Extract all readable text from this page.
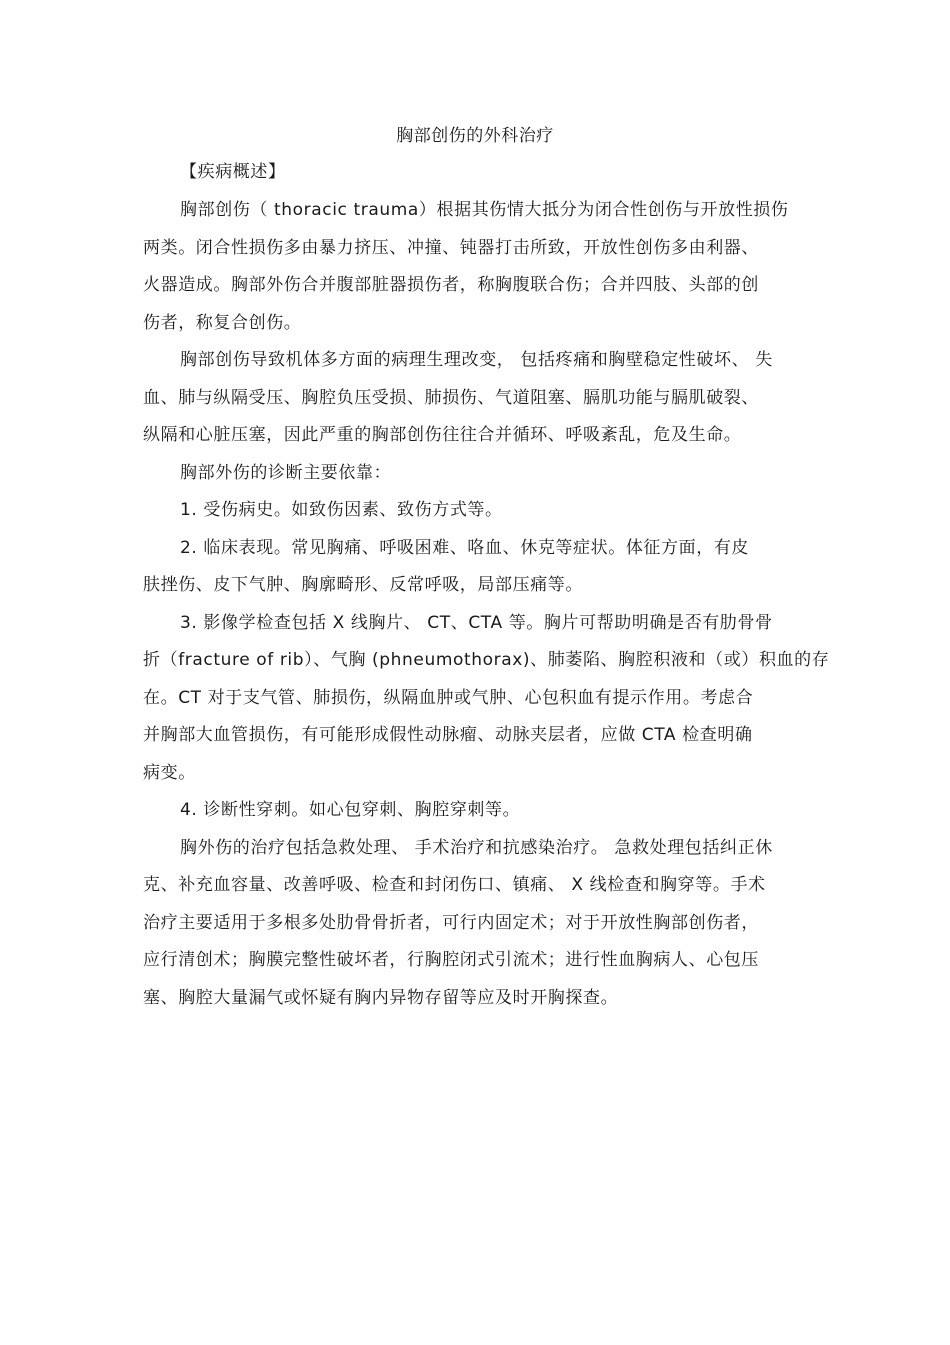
胸部创伤的外科治疗
【疾病概述】
胸部创伤（ thoracic trauma）根据其伤情大抵分为闭合性创伤与开放性损伤
两类。闭合性损伤多由暴力挤压、冲撞、钝器打击所致，开放性创伤多由利器、
火器造成。胸部外伤合并腹部脏器损伤者，称胸腹联合伤；合并四肢、头部的创
伤者，称复合创伤。
胸部创伤导致机体多方面的病理生理改变， 包括疼痛和胸壁稳定性破坏、 失
血、肺与纵隔受压、胸腔负压受损、肺损伤、气道阻塞、膈肌功能与膈肌破裂、
纵隔和心脏压塞，因此严重的胸部创伤往往合并循环、呼吸紊乱，危及生命。
胸部外伤的诊断主要依靠：
1. 受伤病史。如致伤因素、致伤方式等。
2. 临床表现。常见胸痛、呼吸困难、咯血、休克等症状。体征方面，有皮
肤挫伤、皮下气肿、胸廓畸形、反常呼吸，局部压痛等。
3. 影像学检查包括 X 线胸片、 CT、CTA 等。胸片可帮助明确是否有肋骨骨
折（fracture of rib）、气胸 (phneumothorax)、肺萎陷、胸腔积液和（或）积血的存
在。CT 对于支气管、肺损伤，纵隔血肿或气肿、心包积血有提示作用。考虑合
并胸部大血管损伤，有可能形成假性动脉瘤、动脉夹层者，应做 CTA 检查明确
病变。
4. 诊断性穿刺。如心包穿刺、胸腔穿刺等。
胸外伤的治疗包括急救处理、 手术治疗和抗感染治疗。 急救处理包括纠正休
克、补充血容量、改善呼吸、检查和封闭伤口、镇痛、 X 线检查和胸穿等。手术
治疗主要适用于多根多处肋骨骨折者，可行内固定术；对于开放性胸部创伤者，
应行清创术；胸膜完整性破坏者，行胸腔闭式引流术；进行性血胸病人、心包压
塞、胸腔大量漏气或怀疑有胸内异物存留等应及时开胸探查。
